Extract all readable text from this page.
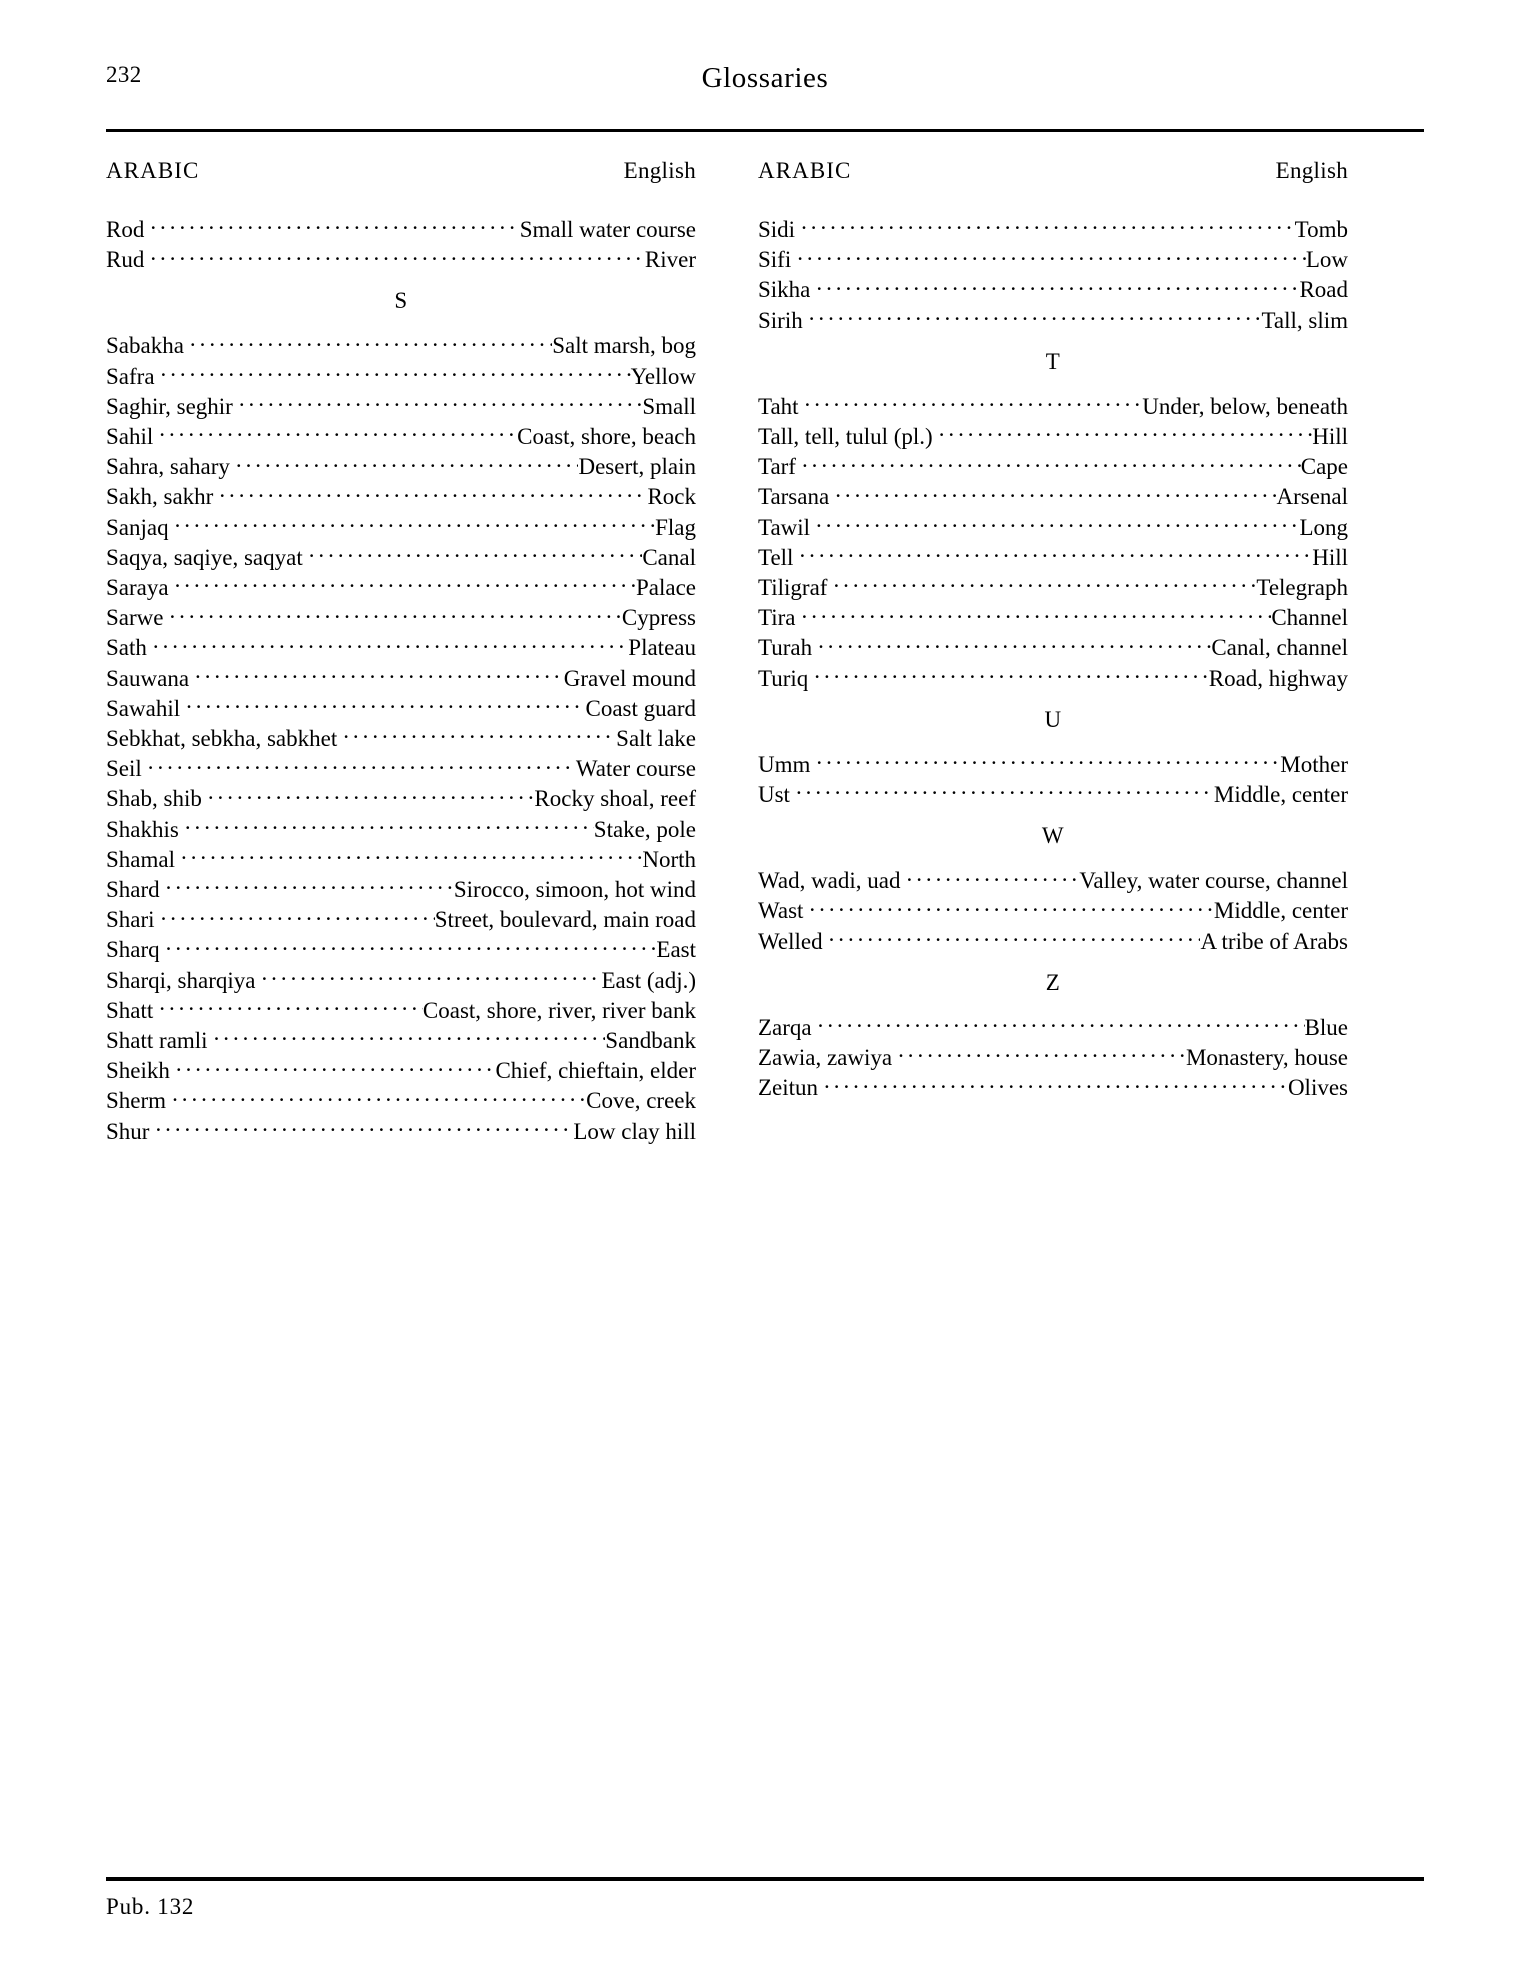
232	Glossaries
ARABIC	English
Rod . . .	Small water course
Rud . . .	River
S
Sabakha . . .	Salt marsh, bog
Safra . . .	Yellow
Saghir, seghir . . .	Small
Sahil . . .	Coast, shore, beach
Sahra, sahary . . .	Desert, plain
Sakh, sakhr . . .	Rock
Sanjaq . . .	Flag
Saqya, saqiye, saqyat . . .	Canal
Saraya . . .	Palace
Sarwe . . .	Cypress
Sath . . .	Plateau
Sauwana . . .	Gravel mound
Sawahil . . .	Coast guard
Sebkhat, sebkha, sabkhet . . .	Salt lake
Seil . . .	Water course
Shab, shib . . .	Rocky shoal, reef
Shakhis . . .	Stake, pole
Shamal . . .	North
Shard . . .	Sirocco, simoon, hot wind
Shari . . .	Street, boulevard, main road
Sharq . . .	East
Sharqi, sharqiya . . .	East (adj.)
Shatt . . .	Coast, shore, river, river bank
Shatt ramli . . .	Sandbank
Sheikh . . .	Chief, chieftain, elder
Sherm . . .	Cove, creek
Shur . . .	Low clay hill
ARABIC	English
Sidi . . .	Tomb
Sifi . . .	Low
Sikha . . .	Road
Sirih . . .	Tall, slim
T
Taht . . .	Under, below, beneath
Tall, tell, tulul (pl.) . . .	Hill
Tarf . . .	Cape
Tarsana . . .	Arsenal
Tawil . . .	Long
Tell . . .	Hill
Tiligraf . . .	Telegraph
Tira . . .	Channel
Turah . . .	Canal, channel
Turiq . . .	Road, highway
U
Umm . . .	Mother
Ust . . .	Middle, center
W
Wad, wadi, uad . . .	Valley, water course, channel
Wast . . .	Middle, center
Welled . . .	A tribe of Arabs
Z
Zarqa . . .	Blue
Zawia, zawiya . . .	Monastery, house
Zeitun . . .	Olives
Pub. 132
